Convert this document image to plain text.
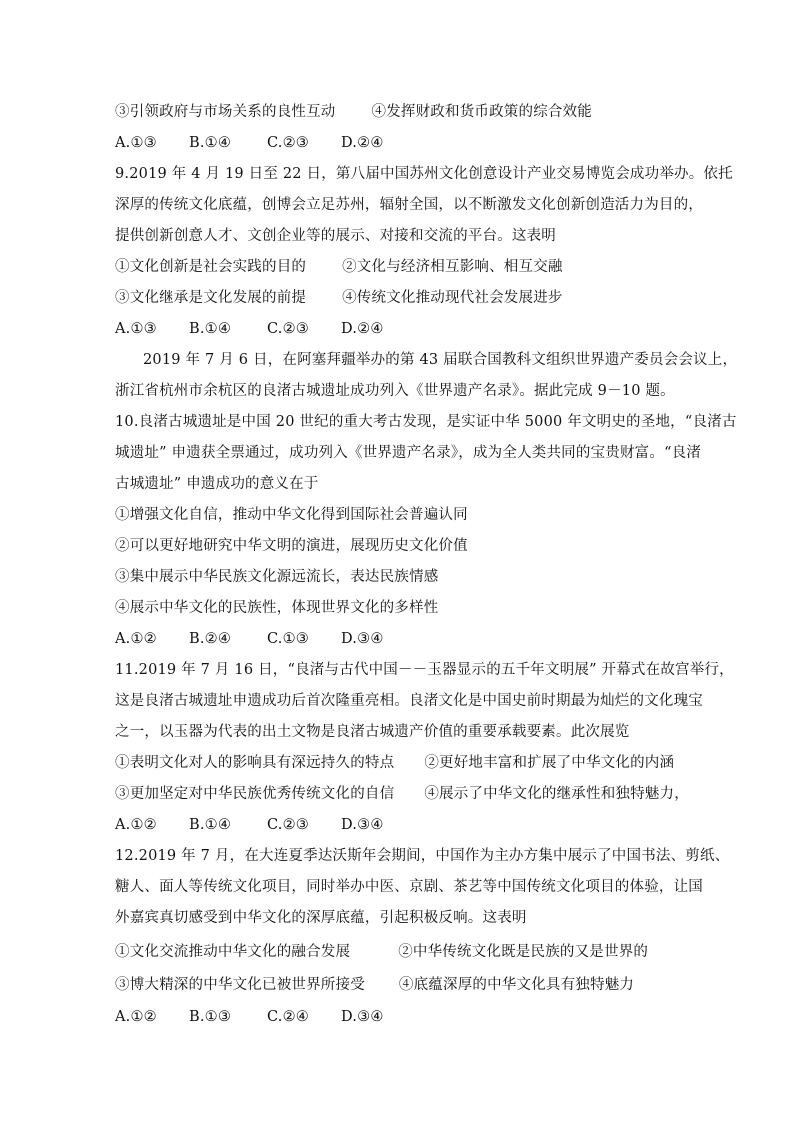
③引领政府与市场关系的良性互动 ④发挥财政和货币政策的综合效能
A.①③ B.①④ C.②③ D.②④
9.2019 年 4 月 19 日至 22 日，第八届中国苏州文化创意设计产业交易博览会成功举办。依托
深厚的传统文化底蕴，创博会立足苏州，辐射全国，以不断激发文化创新创造活力为目的，
提供创新创意人才、文创企业等的展示、对接和交流的平台。这表明
①文化创新是社会实践的目的 ②文化与经济相互影响、相互交融
③文化继承是文化发展的前提 ④传统文化推动现代社会发展进步
A.①③ B.①④ C.②③ D.②④
2019 年 7 月 6 日，在阿塞拜疆举办的第 43 届联合国教科文组织世界遗产委员会会议上，
浙江省杭州市余杭区的良渚古城遗址成功列入《世界遗产名录》。据此完成 9－10 题。
10.良渚古城遗址是中国 20 世纪的重大考古发现，是实证中华 5000 年文明史的圣地，“良渚古
城遗址” 申遗获全票通过，成功列入《世界遗产名录》，成为全人类共同的宝贵财富。“良渚
古城遗址” 申遗成功的意义在于
①增强文化自信，推动中华文化得到国际社会普遍认同
②可以更好地研究中华文明的演进，展现历史文化价值
③集中展示中华民族文化源远流长，表达民族情感
④展示中华文化的民族性，体现世界文化的多样性
A.①② B.②④ C.①③ D.③④
11.2019 年 7 月 16 日，“良渚与古代中国－－玉器显示的五千年文明展” 开幕式在故宫举行，
这是良渚古城遗址申遗成功后首次隆重亮相。良渚文化是中国史前时期最为灿烂的文化瑰宝
之一，以玉器为代表的出土文物是良渚古城遗产价值的重要承载要素。此次展览
①表明文化对人的影响具有深远持久的特点 ②更好地丰富和扩展了中华文化的内涵
③更加坚定对中华民族优秀传统文化的自信 ④展示了中华文化的继承性和独特魅力，
A.①② B.①④ C.②③ D.③④
12.2019 年 7 月，在大连夏季达沃斯年会期间，中国作为主办方集中展示了中国书法、剪纸、
糖人、面人等传统文化项目，同时举办中医、京剧、茶艺等中国传统文化项目的体验，让国
外嘉宾真切感受到中华文化的深厚底蕴，引起积极反响。这表明
①文化交流推动中华文化的融合发展	②中华传统文化既是民族的又是世界的
③博大精深的中华文化已被世界所接受 ④底蕴深厚的中华文化具有独特魅力
A.①② B.①③ C.②④ D.③④
